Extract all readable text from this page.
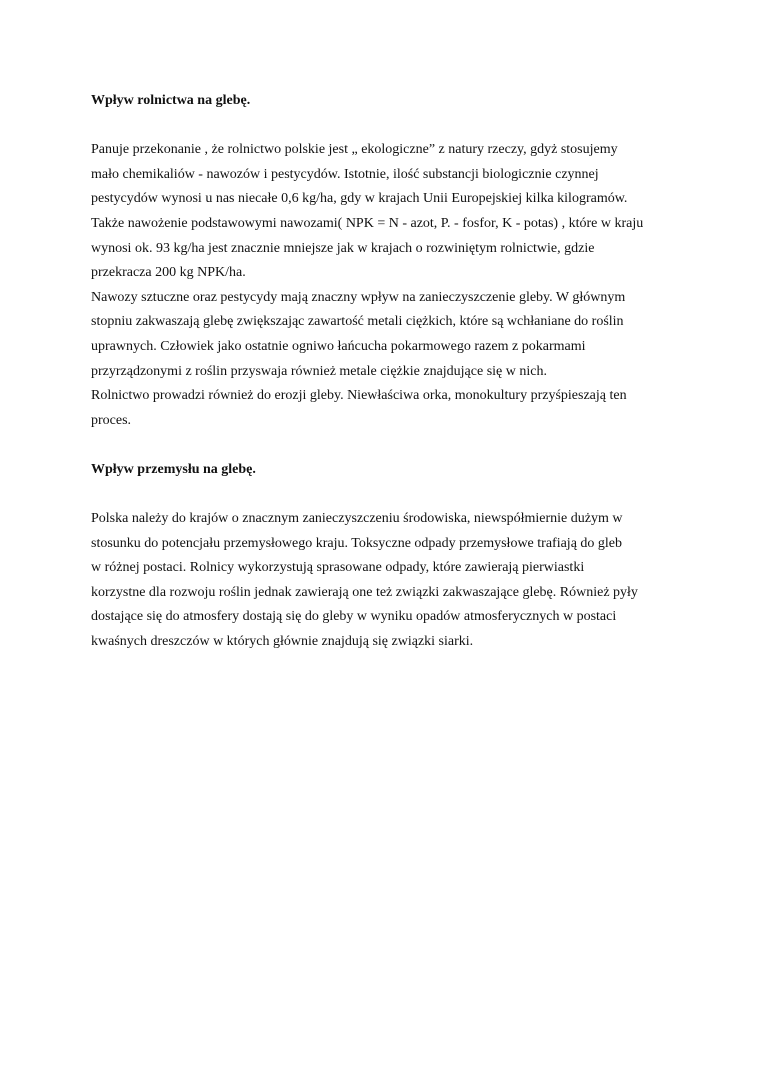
Wpływ rolnictwa na glebę.

Panuje przekonanie , że rolnictwo polskie jest „ ekologiczne” z natury rzeczy, gdyż stosujemy

mało chemikaliów - nawozów i pestycydów. Istotnie, ilość substancji biologicznie czynnej

pestycydów wynosi u nas niecałe 0,6 kg/ha, gdy w krajach Unii Europejskiej kilka kilogramów.

Także nawożenie podstawowymi nawozami( NPK = N - azot, P. - fosfor, K - potas) , które w kraju

wynosi ok. 93 kg/ha jest znacznie mniejsze jak w krajach o rozwiniętym rolnictwie, gdzie

przekracza 200 kg NPK/ha.

Nawozy sztuczne oraz pestycydy mają znaczny wpływ na zanieczyszczenie gleby. W głównym

stopniu zakwaszają glebę zwiększając zawartość metali ciężkich, które są wchłaniane do roślin

uprawnych. Człowiek jako ostatnie ogniwo łańcucha pokarmowego razem z pokarmami

przyrządzonymi z roślin przyswaja również metale ciężkie znajdujące się w nich.

Rolnictwo prowadzi również do erozji gleby. Niewłaściwa orka, monokultury przyśpieszają ten

proces.

Wpływ przemysłu na glebę.

Polska należy do krajów o znacznym zanieczyszczeniu środowiska, niewspółmiernie dużym w

stosunku do potencjału przemysłowego kraju. Toksyczne odpady przemysłowe trafiają do gleb

w różnej postaci. Rolnicy wykorzystują sprasowane odpady, które zawierają pierwiastki

korzystne dla rozwoju roślin jednak zawierają one też związki zakwaszające glebę. Również pyły

dostające się do atmosfery dostają się do gleby w wyniku opadów atmosferycznych w postaci

kwaśnych dreszczów w których głównie znajdują się związki siarki.
